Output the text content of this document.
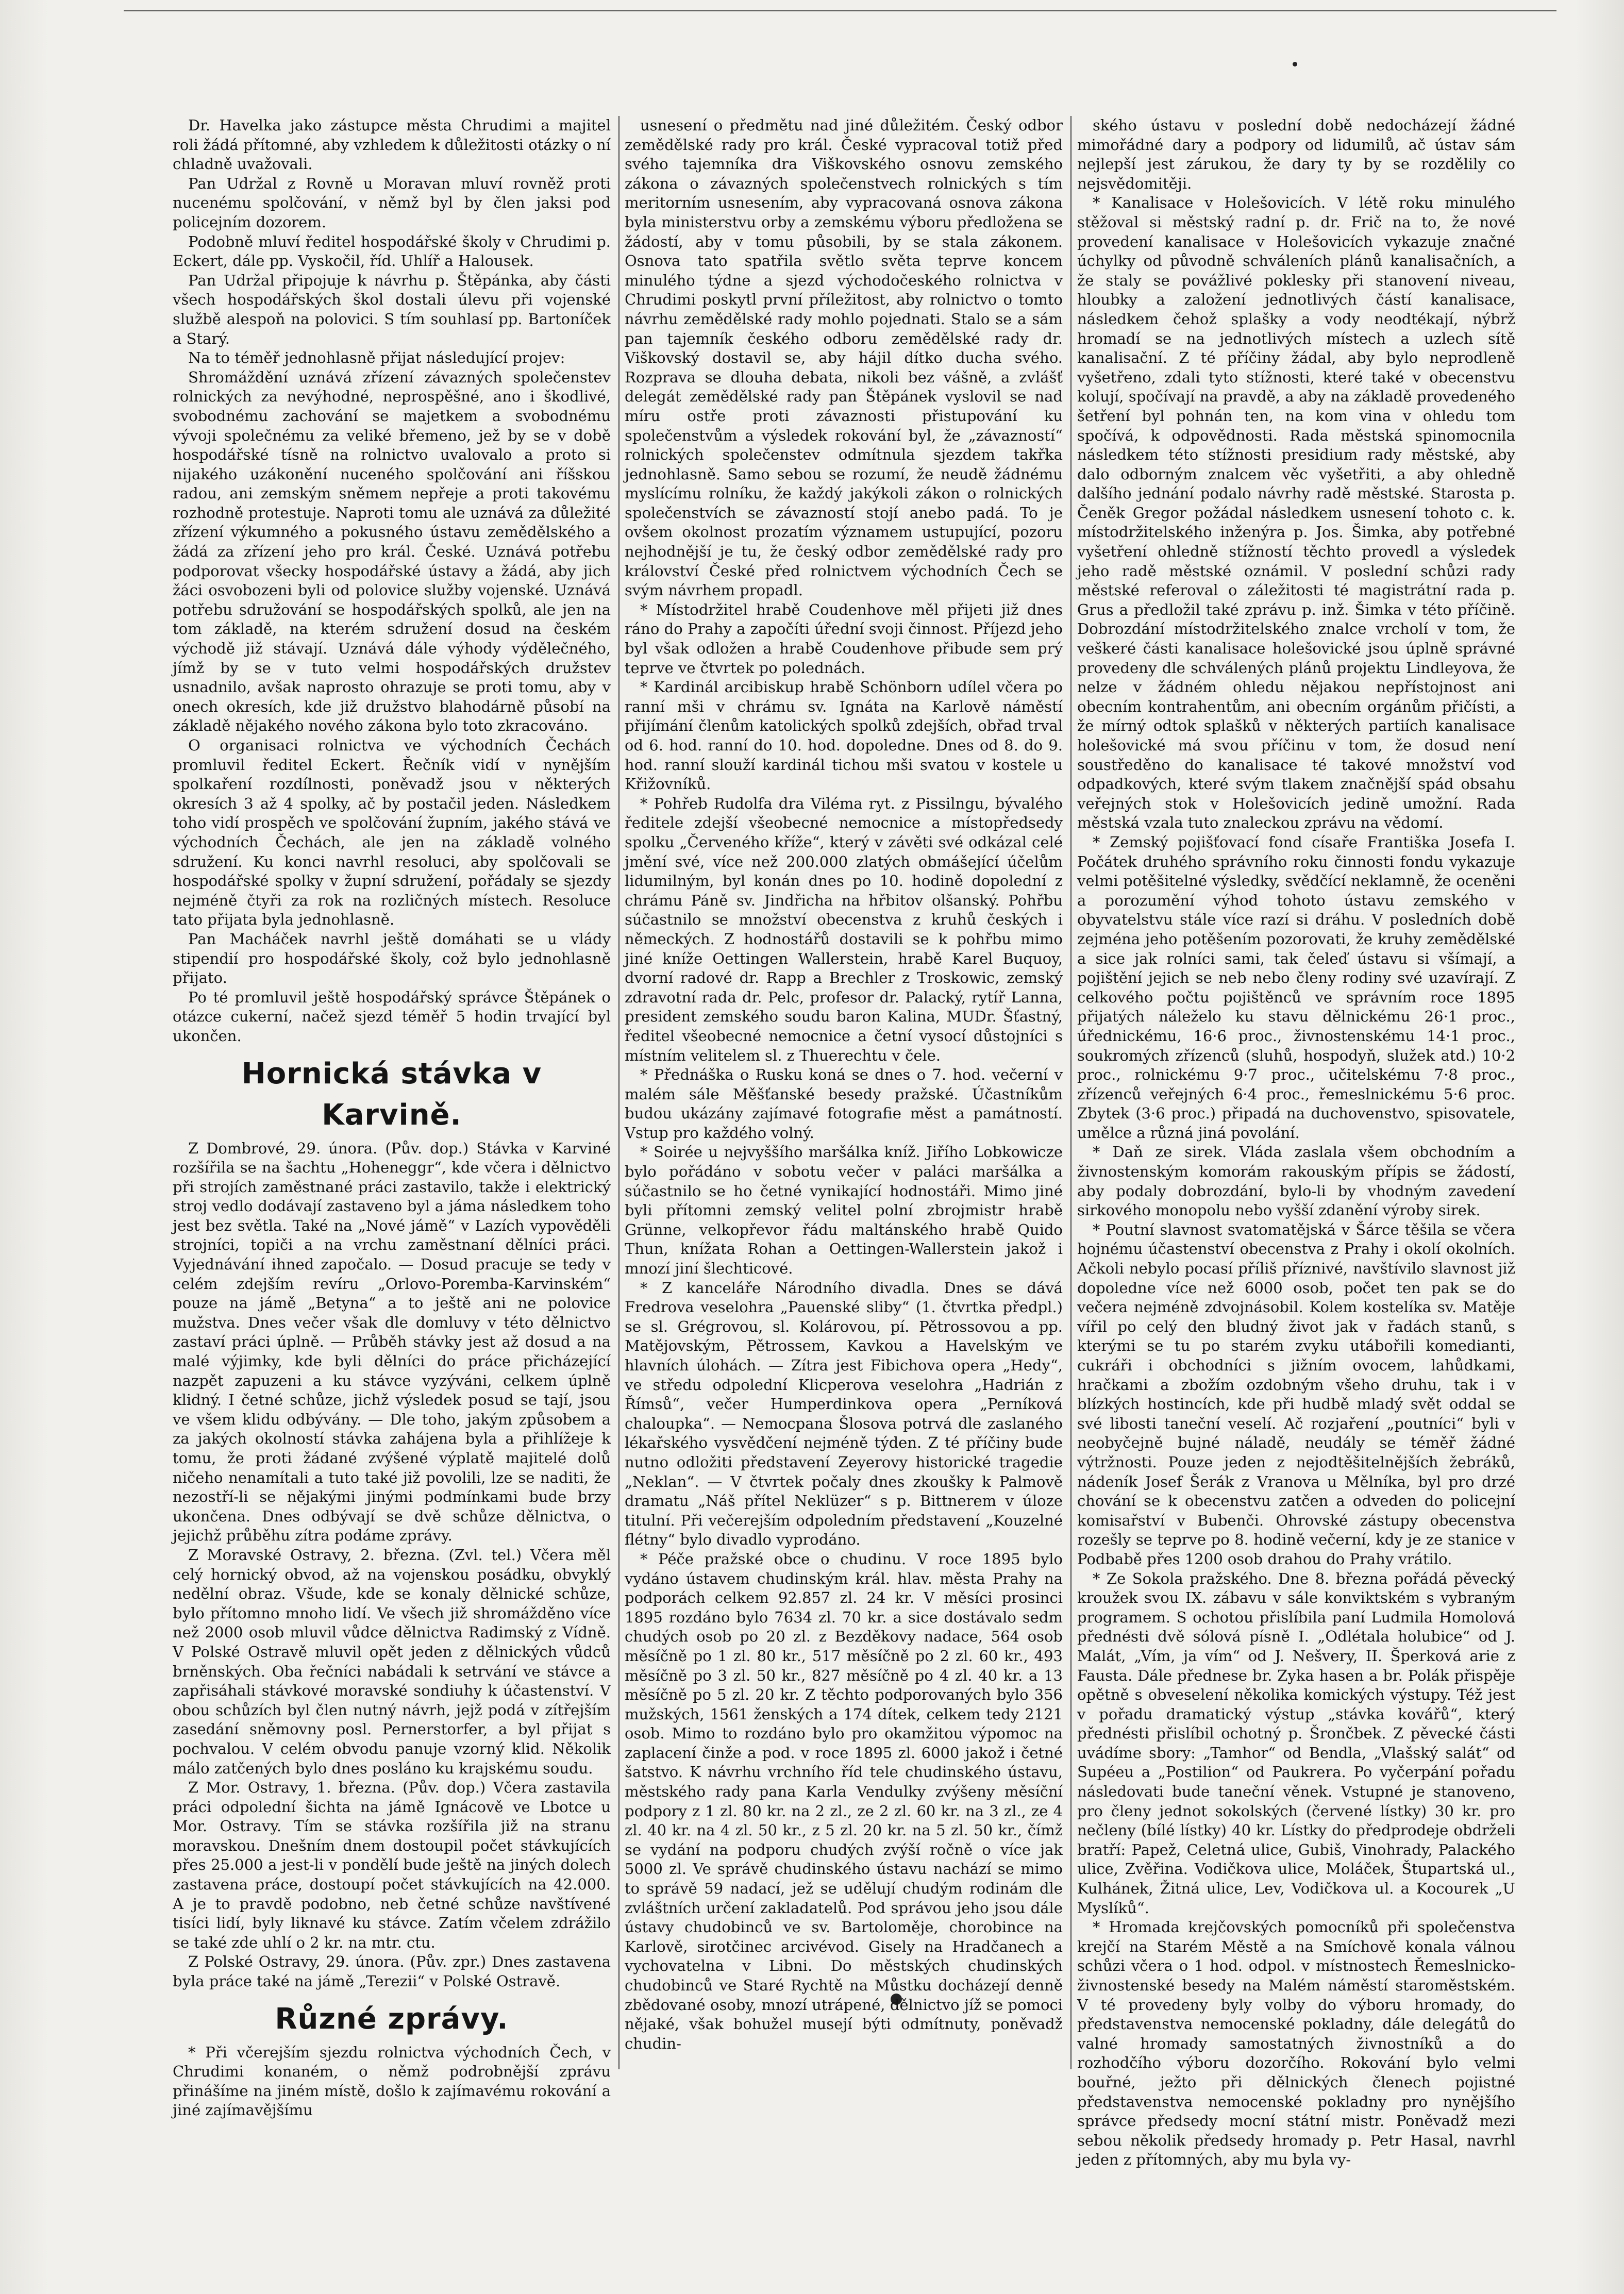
Dr. Havelka jako zástupce města Chrudimi a majitel roli žádá přítomné, aby vzhledem k důležitosti otázky o ní chladně uvažovali.

Pan Udržal z Rovně u Moravan mluví rovněž proti nucenému spolčování, v němž byl by člen jaksi pod policejním dozorem.

Podobně mluví ředitel hospodářské školy v Chrudimi p. Eckert, dále pp. Vyskočil, říd. Uhlíř a Halousek.

Pan Udržal připojuje k návrhu p. Štěpánka, aby části všech hospodářských škol dostali úlevu při vojenské službě alespoň na polovici. S tím souhlasí pp. Bartoníček a Starý.

Na to téměř jednohlasně přijat následující projev:

Shromáždění uznává zřízení závazných společenstev rolnických za nevýhodné, neprospěšné, ano i škodlivé, svobodnému zachování se majetkem a svobodnému vývoji společnému za veliké břemeno, jež by se v době hospodářské tísně na rolnictvo uvalovalo a proto si nijakého uzákonění nuceného spolčování ani říšskou radou, ani zemským sněmem nepřeje a proti takovému rozhodně protestuje. Naproti tomu ale uznává za důležité zřízení výkumného a pokusného ústavu zemědělského a žádá za zřízení jeho pro král. České. Uznává potřebu podporovat všecky hospodářské ústavy a žádá, aby jich žáci osvobozeni byli od polovice služby vojenské. Uznává potřebu sdružování se hospodářských spolků, ale jen na tom základě, na kterém sdružení dosud na českém východě již stávají. Uznává dále výhody výdělečného, jímž by se v tuto velmi hospodářských družstev usnadnilo, avšak naprosto ohrazuje se proti tomu, aby v onech okresích, kde již družstvo blahodárně působí na základě nějakého nového zákona bylo toto zkracováno.

O organisaci rolnictva ve východních Čechách promluvil ředitel Eckert. Řečník vidí v nynějším spolkaření rozdílnosti, poněvadž jsou v některých okresích 3 až 4 spolky, ač by postačil jeden. Následkem toho vidí prospěch ve spolčování župním, jakého stává ve východních Čechách, ale jen na základě volného sdružení. Ku konci navrhl resoluci, aby spolčovali se hospodářské spolky v župní sdružení, pořádaly se sjezdy nejméně čtyři za rok na rozličných místech. Resoluce tato přijata byla jednohlasně.

Pan Macháček navrhl ještě domáhati se u vlády stipendií pro hospodářské školy, což bylo jednohlasně přijato.

Po té promluvil ještě hospodářský správce Štěpánek o otázce cukerní, načež sjezd téměř 5 hodin trvající byl ukončen.

Hornická stávka v Karvině.

Z Dombrové, 29. února. (Pův. dop.) Stávka v Karviné rozšířila se na šachtu „Hoheneggr“, kde včera i dělnictvo při strojích zaměstnané práci zastavilo, takže i elektrický stroj vedlo dodávají zastaveno byl a jáma následkem toho jest bez světla. Také na „Nové jámě“ v Lazích vypověděli strojníci, topiči a na vrchu zaměstnaní dělníci práci. Vyjednávání ihned započalo. — Dosud pracuje se tedy v celém zdejším revíru „Orlovo-Poremba-Karvinském“ pouze na jámě „Betyna“ a to ještě ani ne polovice mužstva. Dnes večer však dle domluvy v této dělnictvo zastaví práci úplně. — Průběh stávky jest až dosud a na malé výjimky, kde byli dělníci do práce přicházející nazpět zapuzeni a ku stávce vyzýváni, celkem úplně klidný. I četné schůze, jichž výsledek posud se tají, jsou ve všem klidu odbývány. — Dle toho, jakým způsobem a za jakých okolností stávka zahájena byla a přihlížeje k tomu, že proti žádané zvýšené výplatě majitelé dolů ničeho nenamítali a tuto také již povolili, lze se naditi, že nezostří-li se nějakými jinými podmínkami bude brzy ukončena. Dnes odbývají se dvě schůze dělnictva, o jejichž průběhu zítra podáme zprávy.

Z Moravské Ostravy, 2. března. (Zvl. tel.) Včera měl celý hornický obvod, až na vojenskou posádku, obvyklý nedělní obraz. Všude, kde se konaly dělnické schůze, bylo přítomno mnoho lidí. Ve všech již shromážděno více než 2000 osob mluvil vůdce dělnictva Radimský z Vídně. V Polské Ostravě mluvil opět jeden z dělnických vůdců brněnských. Oba řečníci nabádali k setrvání ve stávce a zapřisáhali stávkové moravské sondiuhy k účastenství. V obou schůzích byl člen nutný návrh, jejž podá v zítřejším zasedání sněmovny posl. Pernerstorfer, a byl přijat s pochvalou. V celém obvodu panuje vzorný klid. Několik málo zatčených bylo dnes posláno ku krajskému soudu.

Z Mor. Ostravy, 1. března. (Pův. dop.) Včera zastavila práci odpolední šichta na jámě Ignácově ve Lbotce u Mor. Ostravy. Tím se stávka rozšířila již na stranu moravskou. Dnešním dnem dostoupil počet stávkujících přes 25.000 a jest-li v pondělí bude ještě na jiných dolech zastavena práce, dostoupí počet stávkujících na 42.000. A je to pravdě podobno, neb četné schůze navštívené tisíci lidí, byly liknavé ku stávce. Zatím včelem zdrážilo se také zde uhlí o 2 kr. na mtr. ctu.

Z Polské Ostravy, 29. února. (Pův. zpr.) Dnes zastavena byla práce také na jámě „Terezii“ v Polské Ostravě.

Různé zprávy.

* Při včerejším sjezdu rolnictva východních Čech, v Chrudimi konaném, o němž podrobnější zprávu přinášíme na jiném místě, došlo k zajímavému rokování a jiné zajímavějšímu

usnesení o předmětu nad jiné důležitém. Český odbor zemědělské rady pro král. České vypracoval totiž před svého tajemníka dra Viškovského osnovu zemského zákona o závazných společenstvech rolnických s tím meritorním usnesením, aby vypracovaná osnova zákona byla ministerstvu orby a zemskému výboru předložena se žádostí, aby v tomu působili, by se stala zákonem. Osnova tato spatřila světlo světa teprve koncem minulého týdne a sjezd východočeského rolnictva v Chrudimi poskytl první příležitost, aby rolnictvo o tomto návrhu zemědělské rady mohlo pojednati. Stalo se a sám pan tajemník českého odboru zemědělské rady dr. Viškovský dostavil se, aby hájil dítko ducha svého. Rozprava se dlouha debata, nikoli bez vášně, a zvlášť delegát zemědělské rady pan Štěpánek vyslovil se nad míru ostře proti závaznosti přistupování ku společenstvům a výsledek rokování byl, že „závazností“ rolnických společenstev odmítnula sjezdem takřka jednohlasně. Samo sebou se rozumí, že neudě žádnému myslícímu rolníku, že každý jakýkoli zákon o rolnických společenstvích se závazností stojí anebo padá. To je ovšem okolnost prozatím významem ustupující, pozoru nejhodnější je tu, že český odbor zemědělské rady pro království České před rolnictvem východních Čech se svým návrhem propadl.

* Místodržitel hrabě Coudenhove měl přijeti již dnes ráno do Prahy a započíti úřední svoji činnost. Příjezd jeho byl však odložen a hrabě Coudenhove přibude sem prý teprve ve čtvrtek po polednách.

* Kardinál arcibiskup hrabě Schönborn udílel včera po ranní mši v chrámu sv. Ignáta na Karlově náměstí přijímání členům katolických spolků zdejších, obřad trval od 6. hod. ranní do 10. hod. dopoledne. Dnes od 8. do 9. hod. ranní slouží kardinál tichou mši svatou v kostele u Křižovníků.

* Pohřeb Rudolfa dra Viléma ryt. z Pissilngu, bývalého ředitele zdejší všeobecné nemocnice a místopředsedy spolku „Červeného kříže“, který v závěti své odkázal celé jmění své, více než 200.000 zlatých obmášející účelům lidumilným, byl konán dnes po 10. hodině dopolední z chrámu Páně sv. Jindřicha na hřbitov olšanský. Pohřbu súčastnilo se množství obecenstva z kruhů českých i německých. Z hodnostářů dostavili se k pohřbu mimo jiné kníže Oettingen Wallerstein, hrabě Karel Buquoy, dvorní radové dr. Rapp a Brechler z Troskowic, zemský zdravotní rada dr. Pelc, profesor dr. Palacký, rytíř Lanna, president zemského soudu baron Kalina, MUDr. Šťastný, ředitel všeobecné nemocnice a četní vysocí důstojníci s místním velitelem sl. z Thuerechtu v čele.

* Přednáška o Rusku koná se dnes o 7. hod. večerní v malém sále Měšťanské besedy pražské. Účastníkům budou ukázány zajímavé fotografie měst a památností. Vstup pro každého volný.

* Soirée u nejvyššího maršálka kníž. Jiřího Lobkowicze bylo pořádáno v sobotu večer v paláci maršálka a súčastnilo se ho četné vynikající hodnostáři. Mimo jiné byli přítomni zemský velitel polní zbrojmistr hrabě Grünne, velkopřevor řádu maltánského hrabě Quido Thun, knížata Rohan a Oettingen-Wallerstein jakož i mnozí jiní šlechticové.

* Z kanceláře Národního divadla. Dnes se dává Fredrova veselohra „Pauenské sliby“ (1. čtvrtka předpl.) se sl. Grégrovou, sl. Kolárovou, pí. Pětrossovou a pp. Matějovským, Pětrossem, Kavkou a Havelským ve hlavních úlohách. — Zítra jest Fibichova opera „Hedy“, ve středu odpolední Klicperova veselohra „Hadrián z Římsů“, večer Humperdinkova opera „Perníková chaloupka“. — Nemocpana Šlosova potrvá dle zaslaného lékařského vysvědčení nejméně týden. Z té příčiny bude nutno odložiti představení Zeyerovy historické tragedie „Neklan“. — V čtvrtek počaly dnes zkoušky k Palmově dramatu „Náš přítel Neklüzer“ s p. Bittnerem v úloze titulní. Při večerejším odpoledním představení „Kouzelné flétny“ bylo divadlo vyprodáno.

* Péče pražské obce o chudinu. V roce 1895 bylo vydáno ústavem chudinským král. hlav. města Prahy na podporách celkem 92.857 zl. 24 kr. V měsíci prosinci 1895 rozdáno bylo 7634 zl. 70 kr. a sice dostávalo sedm chudých osob po 20 zl. z Bezděkovy nadace, 564 osob měsíčně po 1 zl. 80 kr., 517 měsíčně po 2 zl. 60 kr., 493 měsíčně po 3 zl. 50 kr., 827 měsíčně po 4 zl. 40 kr. a 13 měsíčně po 5 zl. 20 kr. Z těchto podporovaných bylo 356 mužských, 1561 ženských a 174 dítek, celkem tedy 2121 osob. Mimo to rozdáno bylo pro okamžitou výpomoc na zaplacení činže a pod. v roce 1895 zl. 6000 jakož i četné šatstvo. K návrhu vrchního říd tele chudinského ústavu, městského rady pana Karla Vendulky zvýšeny měsíční podpory z 1 zl. 80 kr. na 2 zl., ze 2 zl. 60 kr. na 3 zl., ze 4 zl. 40 kr. na 4 zl. 50 kr., z 5 zl. 20 kr. na 5 zl. 50 kr., čímž se vydání na podporu chudých zvýší ročně o více jak 5000 zl. Ve správě chudinského ústavu nachází se mimo to správě 59 nadací, jež se udělují chudým rodinám dle zvláštních určení zakladatelů. Pod správou jeho jsou dále ústavy chudobinců ve sv. Bartoloměje, chorobince na Karlově, sirotčinec arcivévod. Gisely na Hradčanech a vychovatelna v Libni. Do městských chudinských chudobinců ve Staré Rychtě na Můstku docházejí denně zbědované osoby, mnozí utrápené, dělnictvo jíž se pomoci nějaké, však bohužel musejí býti odmítnuty, poněvadž chudin-

ského ústavu v poslední době nedocházejí žádné mimořádné dary a podpory od lidumilů, ač ústav sám nejlepší jest zárukou, že dary ty by se rozdělily co nejsvědomitěji.

* Kanalisace v Holešovicích. V létě roku minulého stěžoval si městský radní p. dr. Frič na to, že nové provedení kanalisace v Holešovicích vykazuje značné úchylky od původně schváleních plánů kanalisačních, a že staly se povážlivé poklesky při stanovení niveau, hloubky a založení jednotlivých částí kanalisace, následkem čehož splašky a vody neodtékají, nýbrž hromadí se na jednotlivých místech a uzlech sítě kanalisační. Z té příčiny žádal, aby bylo neprodleně vyšetřeno, zdali tyto stížnosti, které také v obecenstvu kolují, spočívají na pravdě, a aby na základě provedeného šetření byl pohnán ten, na kom vina v ohledu tom spočívá, k odpovědnosti. Rada městská spinomocnila následkem této stížnosti presidium rady městské, aby dalo odborným znalcem věc vyšetřiti, a aby ohledně dalšího jednání podalo návrhy radě městské. Starosta p. Čeněk Gregor požádal následkem usnesení tohoto c. k. místodržitelského inženýra p. Jos. Šimka, aby potřebné vyšetření ohledně stížností těchto provedl a výsledek jeho radě městské oznámil. V poslední schůzi rady městské referoval o záležitosti té magistrátní rada p. Grus a předložil také zprávu p. inž. Šimka v této příčině. Dobrozdání místodržitelského znalce vrcholí v tom, že veškeré části kanalisace holešovické jsou úplně správné provedeny dle schválených plánů projektu Lindleyova, že nelze v žádném ohledu nějakou nepřístojnost ani obecním kontrahentům, ani obecním orgánům přičísti, a že mírný odtok splašků v některých partiích kanalisace holešovické má svou příčinu v tom, že dosud není soustředěno do kanalisace té takové množství vod odpadkových, které svým tlakem značnější spád obsahu veřejných stok v Holešovicích jedině umožní. Rada městská vzala tuto znaleckou zprávu na vědomí.

* Zemský pojišťovací fond císaře Františka Josefa I. Počátek druhého správního roku činnosti fondu vykazuje velmi potěšitelné výsledky, svědčící neklamně, že oceněni a porozumění výhod tohoto ústavu zemského v obyvatelstvu stále více razí si dráhu. V posledních době zejména jeho potěšením pozorovati, že kruhy zemědělské a sice jak rolníci sami, tak čeleď ústavu si všímají, a pojištění jejich se neb nebo členy rodiny své uzavírají. Z celkového počtu pojištěnců ve správním roce 1895 přijatých náleželo ku stavu dělnickému 26·1 proc., úřednickému, 16·6 proc., živnostenskému 14·1 proc., soukromých zřízenců (sluhů, hospodyň, služek atd.) 10·2 proc., rolnickému 9·7 proc., učitelskému 7·8 proc., zřízenců veřejných 6·4 proc., řemeslnickému 5·6 proc. Zbytek (3·6 proc.) připadá na duchovenstvo, spisovatele, umělce a různá jiná povolání.

* Daň ze sirek. Vláda zaslala všem obchodním a živnostenským komorám rakouským přípis se žádostí, aby podaly dobrozdání, bylo-li by vhodným zavedení sirkového monopolu nebo vyšší zdanění výroby sirek.

* Poutní slavnost svatomatějská v Šárce těšila se včera hojnému účastenství obecenstva z Prahy i okolí okolních. Ačkoli nebylo pocasí příliš příznivé, navštívilo slavnost již dopoledne více než 6000 osob, počet ten pak se do večera nejméně zdvojnásobil. Kolem kostelíka sv. Matěje vířil po celý den bludný život jak v řadách stanů, s kterými se tu po starém zvyku utábořili komedianti, cukráři i obchodníci s jižním ovocem, lahůdkami, hračkami a zbožím ozdobným všeho druhu, tak i v blízkých hostincích, kde při hudbě mladý svět oddal se své libosti taneční veselí. Ač rozjaření „poutníci“ byli v neobyčejně bujné náladě, neudály se téměř žádné výtržnosti. Pouze jeden z nejodtěšitelnějších žebráků, nádeník Josef Šerák z Vranova u Mělníka, byl pro drzé chování se k obecenstvu zatčen a odveden do policejní komisařství v Bubenči. Ohrovské zástupy obecenstva rozešly se teprve po 8. hodině večerní, kdy je ze stanice v Podbabě přes 1200 osob drahou do Prahy vrátilo.

* Ze Sokola pražského. Dne 8. března pořádá pěvecký kroužek svou IX. zábavu v sále konviktském s vybraným programem. S ochotou přislíbila paní Ludmila Homolová přednésti dvě sólová písně I. „Odlétala holubice“ od J. Malát, „Vím, ja vím“ od J. Nešvery, II. Šperková arie z Fausta. Dále přednese br. Zyka hasen a br. Polák přispěje opětně s obveselení několika komických výstupy. Též jest v pořadu dramatický výstup „stávka kovářů“, který přednésti přislíbil ochotný p. Šrončbek. Z pěvecké části uvádíme sbory: „Tamhor“ od Bendla, „Vlašský salát“ od Supéeu a „Postilion“ od Paukrera. Po vyčerpání pořadu následovati bude taneční věnek. Vstupné je stanoveno, pro členy jednot sokolských (červené lístky) 30 kr. pro nečleny (bílé lístky) 40 kr. Lístky do předprodeje obdrželi bratří: Papež, Celetná ulice, Gubiš, Vinohrady, Palackého ulice, Zvěřina. Vodičkova ulice, Moláček, Štupartská ul., Kulhánek, Žitná ulice, Lev, Vodičkova ul. a Kocourek „U Myslíků“.

* Hromada krejčovských pomocníků při společenstva krejčí na Starém Městě a na Smíchově konala válnou schůzi včera o 1 hod. odpol. v místnostech Řemeslnicko-živnostenské besedy na Malém náměstí staroměstském. V té provedeny byly volby do výboru hromady, do představenstva nemocenské pokladny, dále delegátů do valné hromady samostatných živnostníků a do rozhodčího výboru dozorčího. Rokování bylo velmi bouřné, ježto při dělnických členech pojistné představenstva nemocenské pokladny pro nynějšího správce předsedy mocní státní mistr. Poněvadž mezi sebou několik předsedy hromady p. Petr Hasal, navrhl jeden z přítomných, aby mu byla vy-
